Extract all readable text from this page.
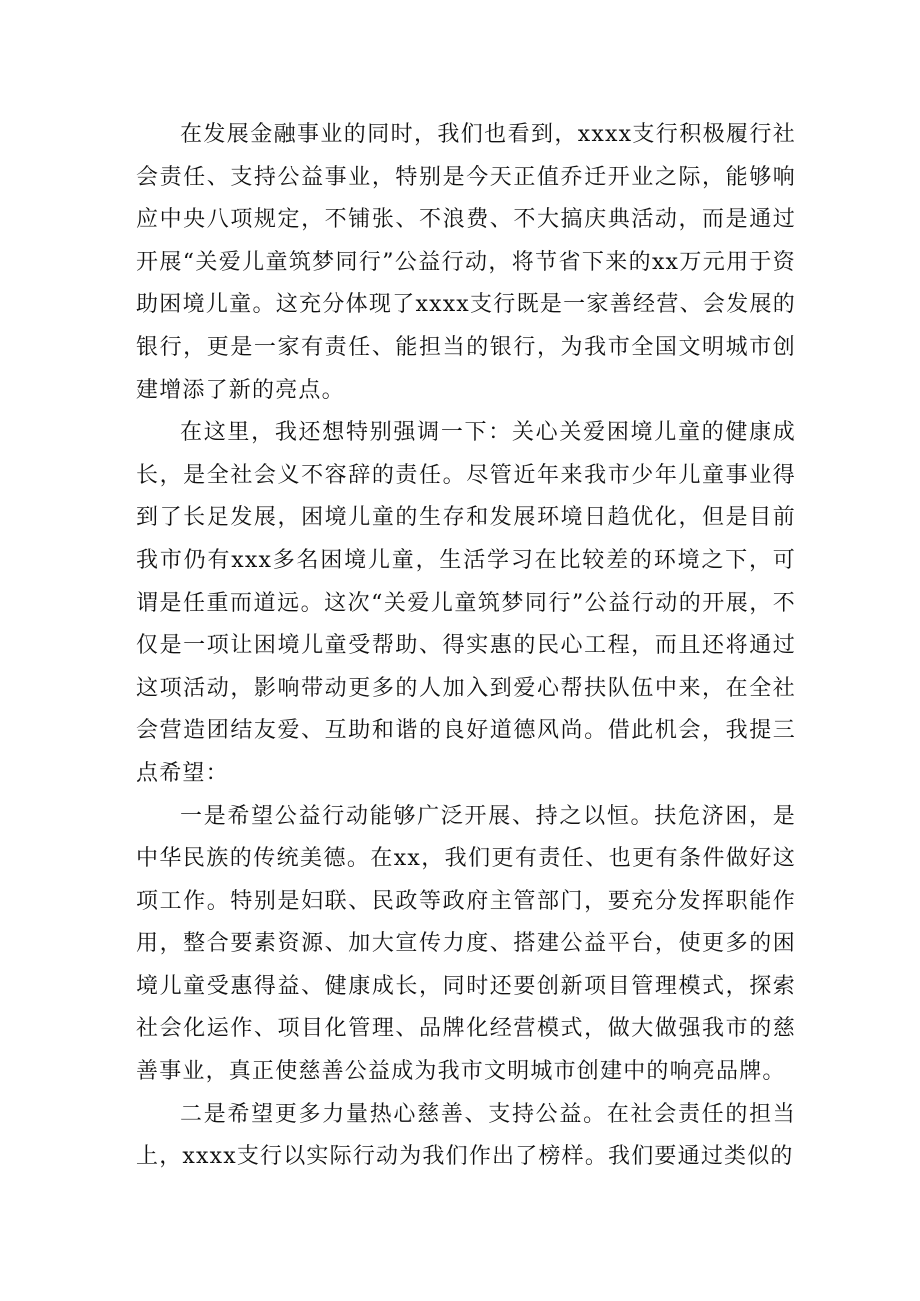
在发展金融事业的同时，我们也看到，xxxx支行积极履行社会责任、支持公益事业，特别是今天正值乔迁开业之际，能够响应中央八项规定，不铺张、不浪费、不大搞庆典活动，而是通过开展“关爱儿童筑梦同行”公益行动，将节省下来的xx万元用于资助困境儿童。这充分体现了xxxx支行既是一家善经营、会发展的银行，更是一家有责任、能担当的银行，为我市全国文明城市创建增添了新的亮点。

在这里，我还想特别强调一下：关心关爱困境儿童的健康成长，是全社会义不容辞的责任。尽管近年来我市少年儿童事业得到了长足发展，困境儿童的生存和发展环境日趋优化，但是目前我市仍有xxx多名困境儿童，生活学习在比较差的环境之下，可谓是任重而道远。这次“关爱儿童筑梦同行”公益行动的开展，不仅是一项让困境儿童受帮助、得实惠的民心工程，而且还将通过这项活动，影响带动更多的人加入到爱心帮扶队伍中来，在全社会营造团结友爱、互助和谐的良好道德风尚。借此机会，我提三点希望：

一是希望公益行动能够广泛开展、持之以恒。扶危济困，是中华民族的传统美德。在xx，我们更有责任、也更有条件做好这项工作。特别是妇联、民政等政府主管部门，要充分发挥职能作用，整合要素资源、加大宣传力度、搭建公益平台，使更多的困境儿童受惠得益、健康成长，同时还要创新项目管理模式，探索社会化运作、项目化管理、品牌化经营模式，做大做强我市的慈善事业，真正使慈善公益成为我市文明城市创建中的响亮品牌。

二是希望更多力量热心慈善、支持公益。在社会责任的担当上，xxxx支行以实际行动为我们作出了榜样。我们要通过类似的
